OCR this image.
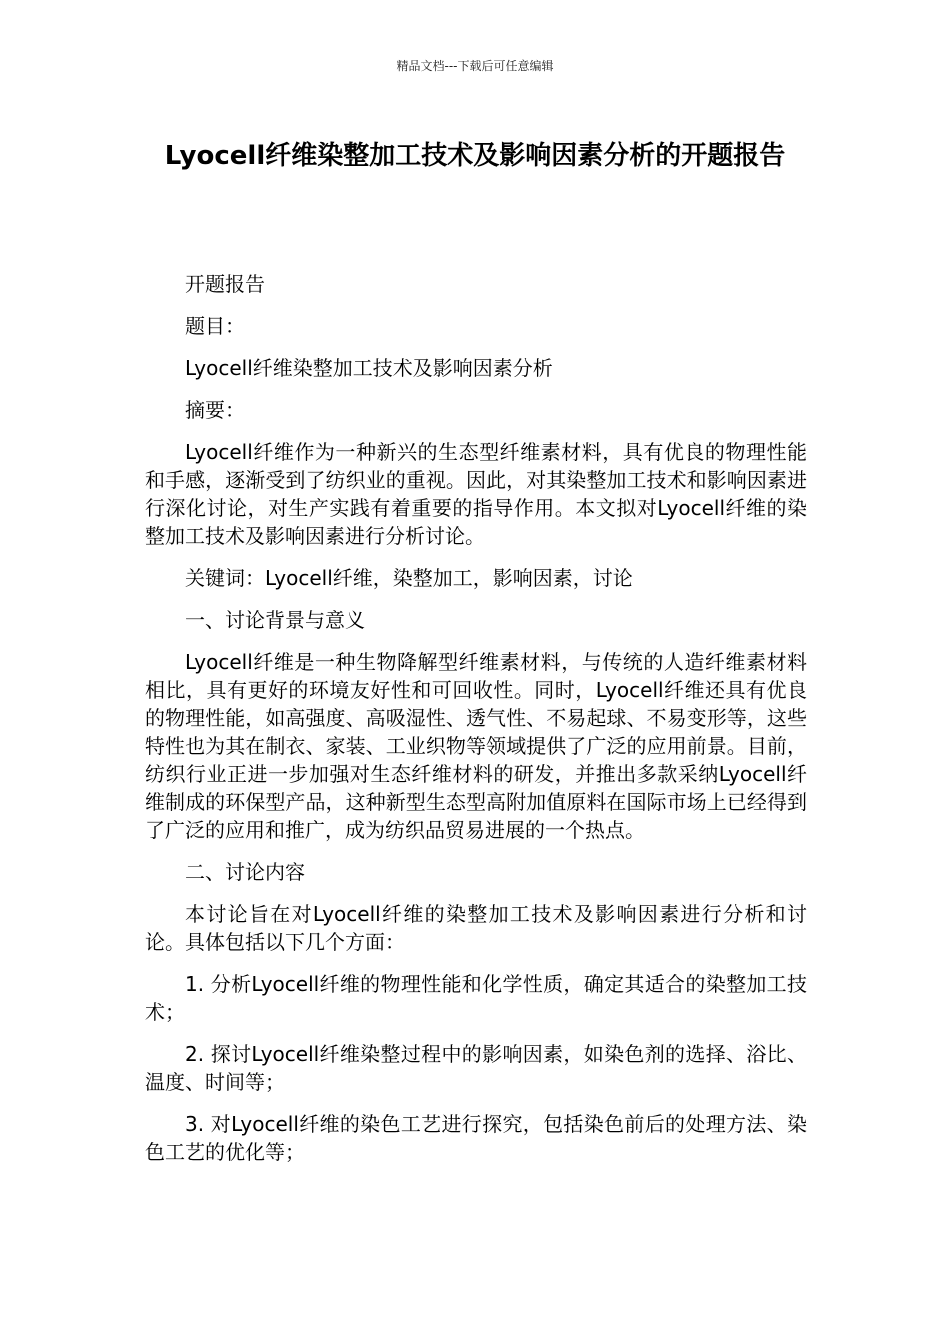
精品文档---下载后可任意编辑
Lyocell纤维染整加工技术及影响因素分析的开题报告

开题报告

题目：

Lyocell纤维染整加工技术及影响因素分析

摘要：

Lyocell纤维作为一种新兴的生态型纤维素材料，具有优良的物理性能和手感，逐渐受到了纺织业的重视。因此，对其染整加工技术和影响因素进行深化讨论，对生产实践有着重要的指导作用。本文拟对Lyocell纤维的染整加工技术及影响因素进行分析讨论。

关键词：Lyocell纤维，染整加工，影响因素，讨论

一、讨论背景与意义

Lyocell纤维是一种生物降解型纤维素材料，与传统的人造纤维素材料相比，具有更好的环境友好性和可回收性。同时，Lyocell纤维还具有优良的物理性能，如高强度、高吸湿性、透气性、不易起球、不易变形等，这些特性也为其在制衣、家装、工业织物等领域提供了广泛的应用前景。目前，纺织行业正进一步加强对生态纤维材料的研发，并推出多款采纳Lyocell纤维制成的环保型产品，这种新型生态型高附加值原料在国际市场上已经得到了广泛的应用和推广，成为纺织品贸易进展的一个热点。

二、讨论内容

本讨论旨在对Lyocell纤维的染整加工技术及影响因素进行分析和讨论。具体包括以下几个方面：

1. 分析Lyocell纤维的物理性能和化学性质，确定其适合的染整加工技术；

2. 探讨Lyocell纤维染整过程中的影响因素，如染色剂的选择、浴比、温度、时间等；

3. 对Lyocell纤维的染色工艺进行探究，包括染色前后的处理方法、染色工艺的优化等；
